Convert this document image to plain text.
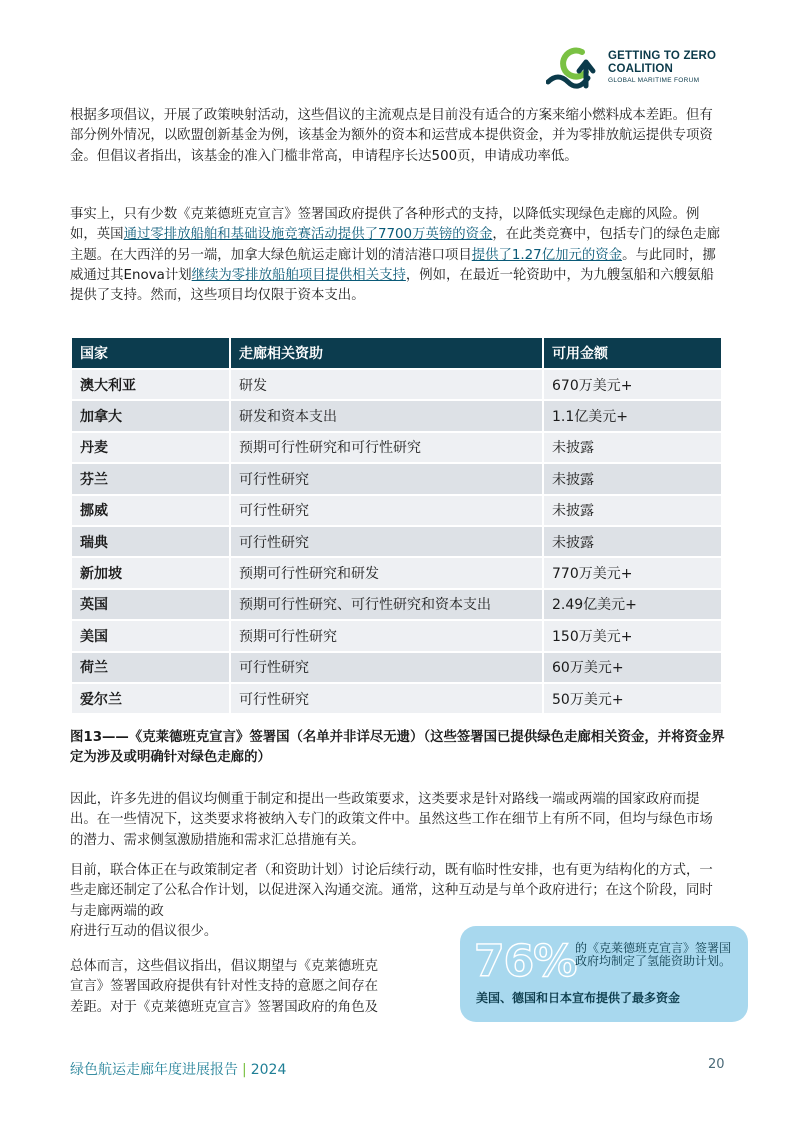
GETTING TO ZERO
COALITION
GLOBAL MARITIME FORUM

根据多项倡议，开展了政策映射活动，这些倡议的主流观点是目前没有适合的方案来缩小燃料成本差距。但有部分例外情况，以欧盟创新基金为例，该基金为额外的资本和运营成本提供资金，并为零排放航运提供专项资金。但倡议者指出，该基金的准入门槛非常高，申请程序长达500页，申请成功率低。

事实上，只有少数《克莱德班克宣言》签署国政府提供了各种形式的支持，以降低实现绿色走廊的风险。例如，英国通过零排放船舶和基础设施竞赛活动提供了7700万英镑的资金，在此类竞赛中，包括专门的绿色走廊主题。在大西洋的另一端，加拿大绿色航运走廊计划的清洁港口项目提供了1.27亿加元的资金。与此同时，挪威通过其Enova计划继续为零排放船舶项目提供相关支持，例如，在最近一轮资助中，为九艘氢船和六艘氨船提供了支持。然而，这些项目均仅限于资本支出。

国家	走廊相关资助	可用金额
澳大利亚	研发	670万美元+
加拿大	研发和资本支出	1.1亿美元+
丹麦	预期可行性研究和可行性研究	未披露
芬兰	可行性研究	未披露
挪威	可行性研究	未披露
瑞典	可行性研究	未披露
新加坡	预期可行性研究和研发	770万美元+
英国	预期可行性研究、可行性研究和资本支出	2.49亿美元+
美国	预期可行性研究	150万美元+
荷兰	可行性研究	60万美元+
爱尔兰	可行性研究	50万美元+

图13——《克莱德班克宣言》签署国（名单并非详尽无遗）（这些签署国已提供绿色走廊相关资金，并将资金界定为涉及或明确针对绿色走廊的）

因此，许多先进的倡议均侧重于制定和提出一些政策要求，这类要求是针对路线一端或两端的国家政府而提出。在一些情况下，这类要求将被纳入专门的政策文件中。虽然这些工作在细节上有所不同，但均与绿色市场的潜力、需求侧氢激励措施和需求汇总措施有关。

目前，联合体正在与政策制定者（和资助计划）讨论后续行动，既有临时性安排，也有更为结构化的方式，一些走廊还制定了公私合作计划，以促进深入沟通交流。通常，这种互动是与单个政府进行；在这个阶段，同时与走廊两端的政
府进行互动的倡议很少。

总体而言，这些倡议指出，倡议期望与《克莱德班克
宣言》签署国政府提供有针对性支持的意愿之间存在
差距。对于《克莱德班克宣言》签署国政府的角色及

76%
的《克莱德班克宣言》签署国政府均制定了氢能资助计划。
美国、德国和日本宣布提供了最多资金
绿色航运走廊年度进展报告 | 2024	20
